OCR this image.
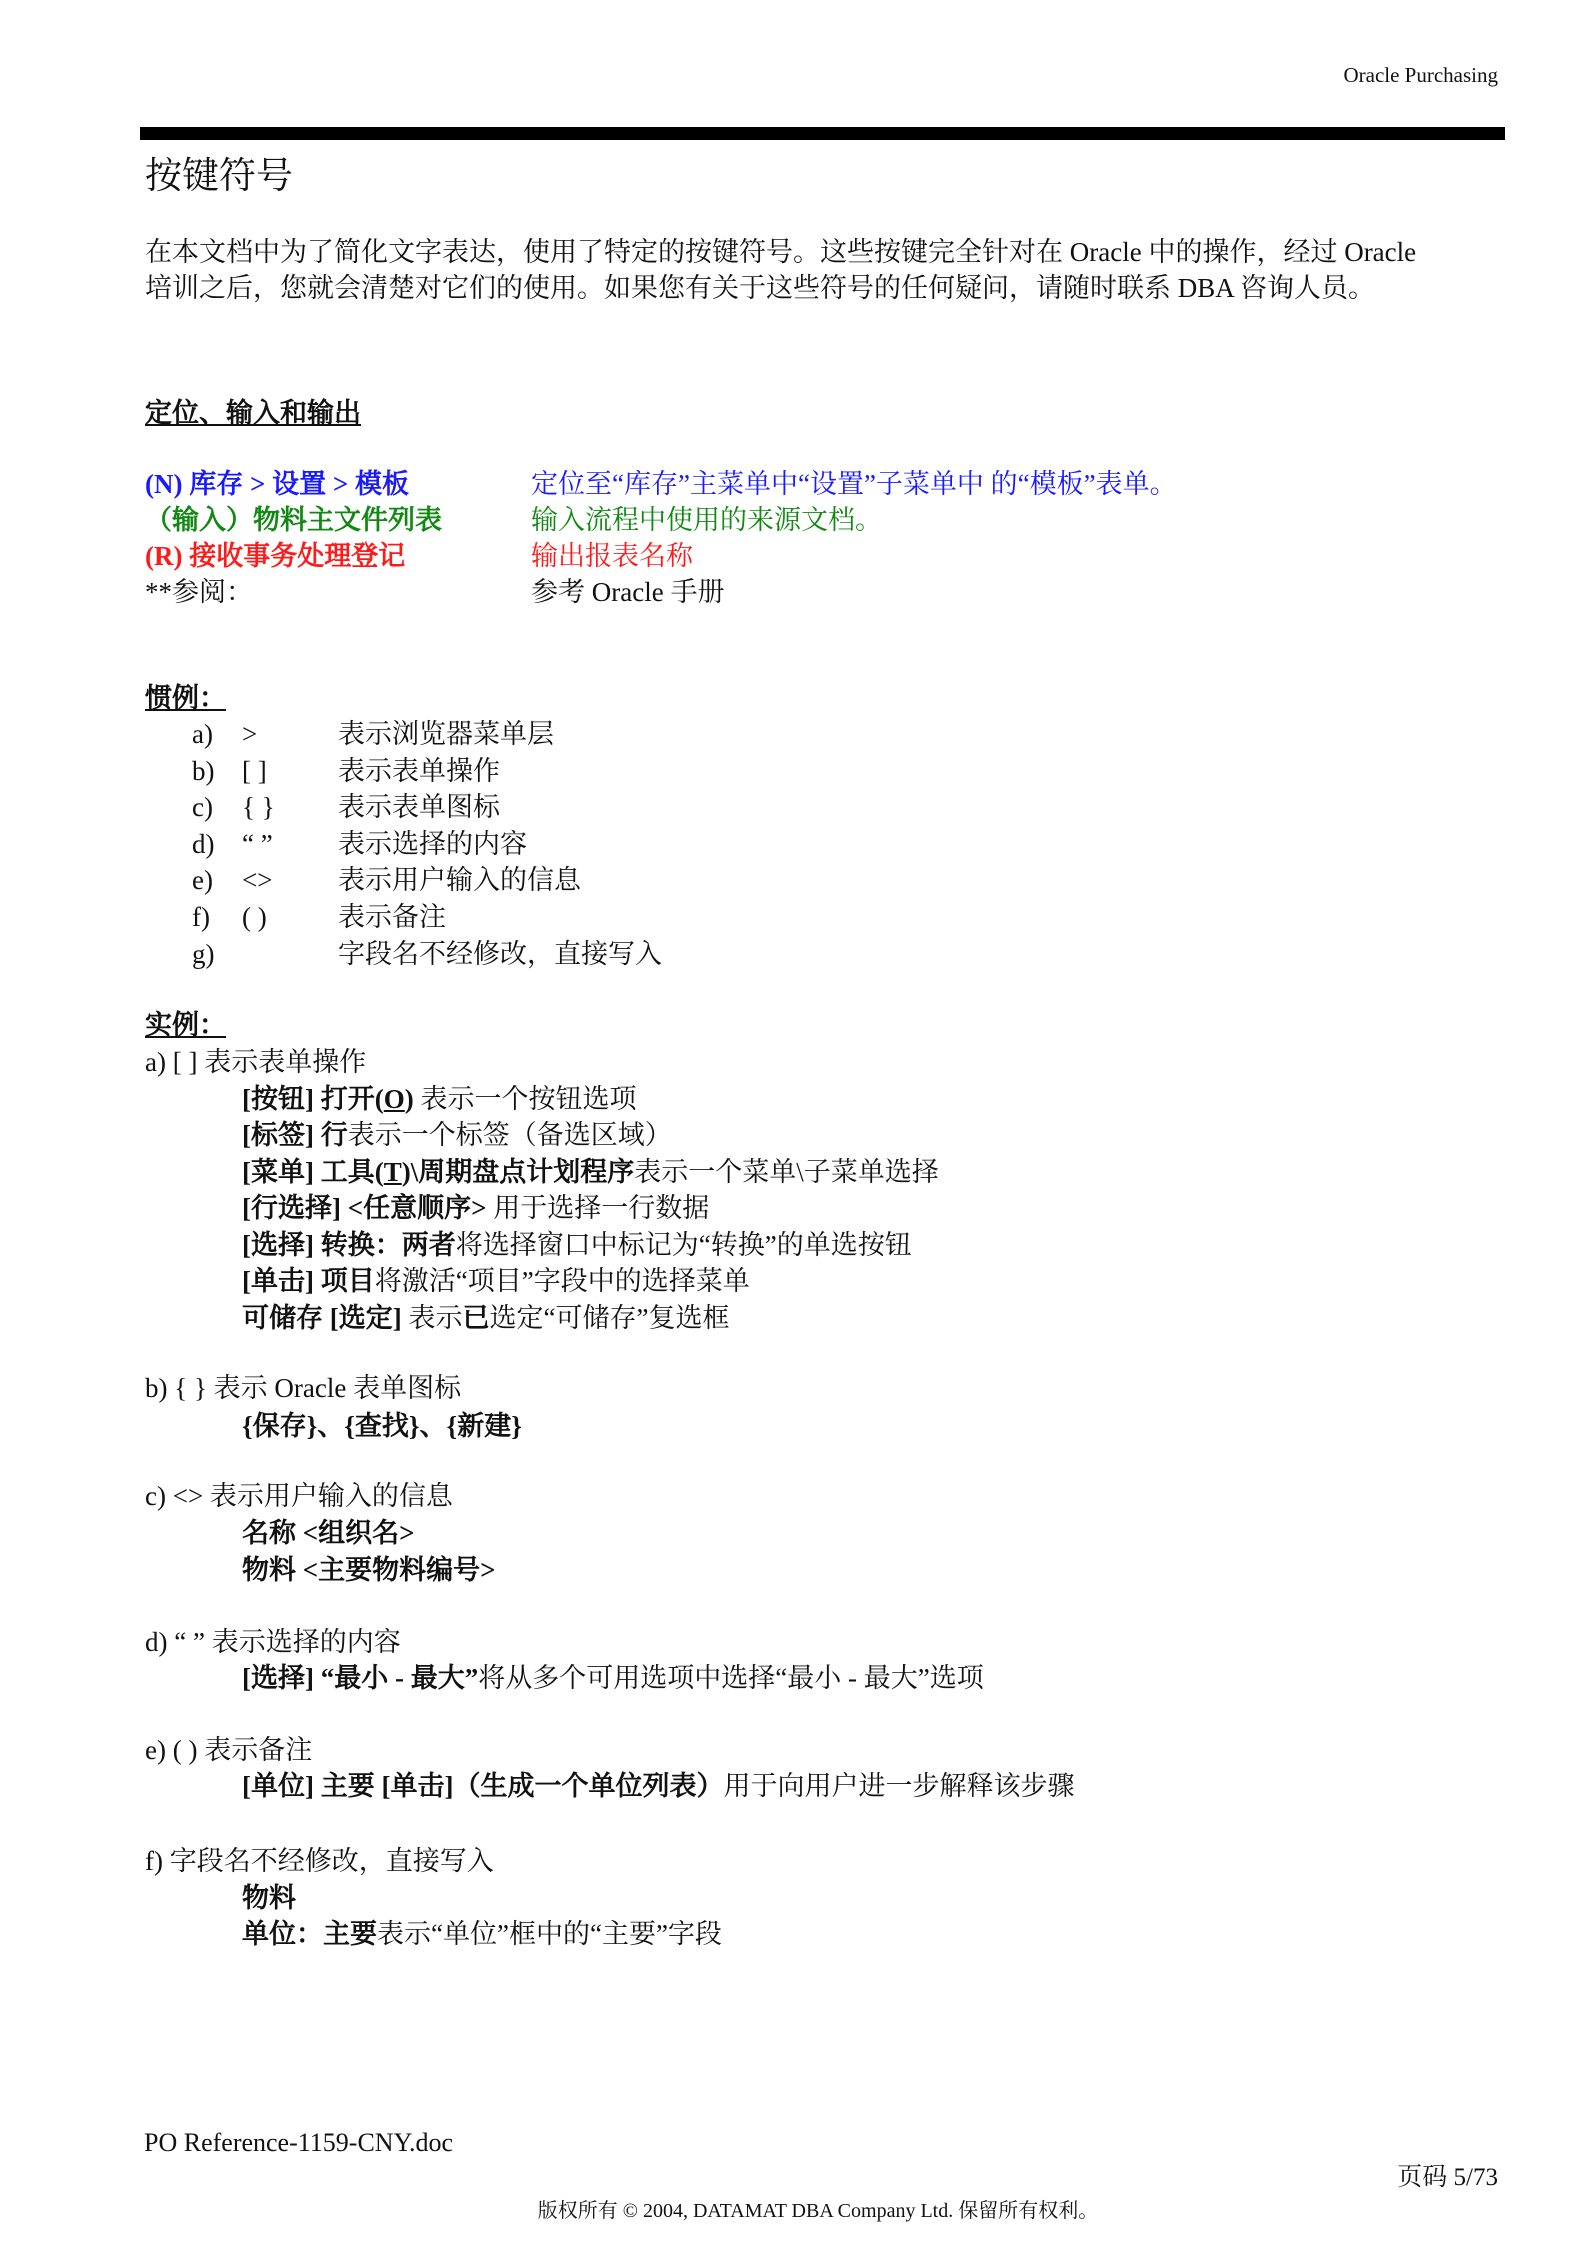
Oracle Purchasing
按键符号
在本文档中为了简化文字表达，使用了特定的按键符号。这些按键完全针对在 Oracle 中的操作，经过 Oracle
培训之后，您就会清楚对它们的使用。如果您有关于这些符号的任何疑问，请随时联系 DBA 咨询人员。
定位、输入和输出
(N) 库存 > 设置 > 模板	定位至“库存”主菜单中“设置”子菜单中 的“模板”表单。
（输入）物料主文件列表	输入流程中使用的来源文档。
(R) 接收事务处理登记	输出报表名称
**参阅：	参考 Oracle 手册
惯例：
a) >	表示浏览器菜单层
b) [ ]	表示表单操作
c) { } 表示表单图标
d) “ ” 表示选择的内容
e) <> 表示用户输入的信息
f) ( )	表示备注
g)	字段名不经修改，直接写入
实例：
a) [ ] 表示表单操作
[按钮] 打开(O) 表示一个按钮选项
[标签] 行表示一个标签（备选区域）
[菜单] 工具(T)\周期盘点计划程序表示一个菜单\子菜单选择
[行选择] <任意顺序> 用于选择一行数据
[选择] 转换：两者将选择窗口中标记为“转换”的单选按钮
[单击] 项目将激活“项目”字段中的选择菜单
可储存 [选定] 表示已选定“可储存”复选框
b) { } 表示 Oracle 表单图标
{保存}、{查找}、{新建}
c) <> 表示用户输入的信息
名称 <组织名>
物料 <主要物料编号>
d) “ ” 表示选择的内容
[选择] “最小 - 最大”将从多个可用选项中选择“最小 - 最大”选项
e) ( ) 表示备注
[单位] 主要 [单击]（生成一个单位列表）用于向用户进一步解释该步骤
f) 字段名不经修改，直接写入
物料
单位：主要表示“单位”框中的“主要”字段
PO Reference-1159-CNY.doc
页码 5/73
版权所有 © 2004, DATAMAT DBA Company Ltd. 保留所有权利。
